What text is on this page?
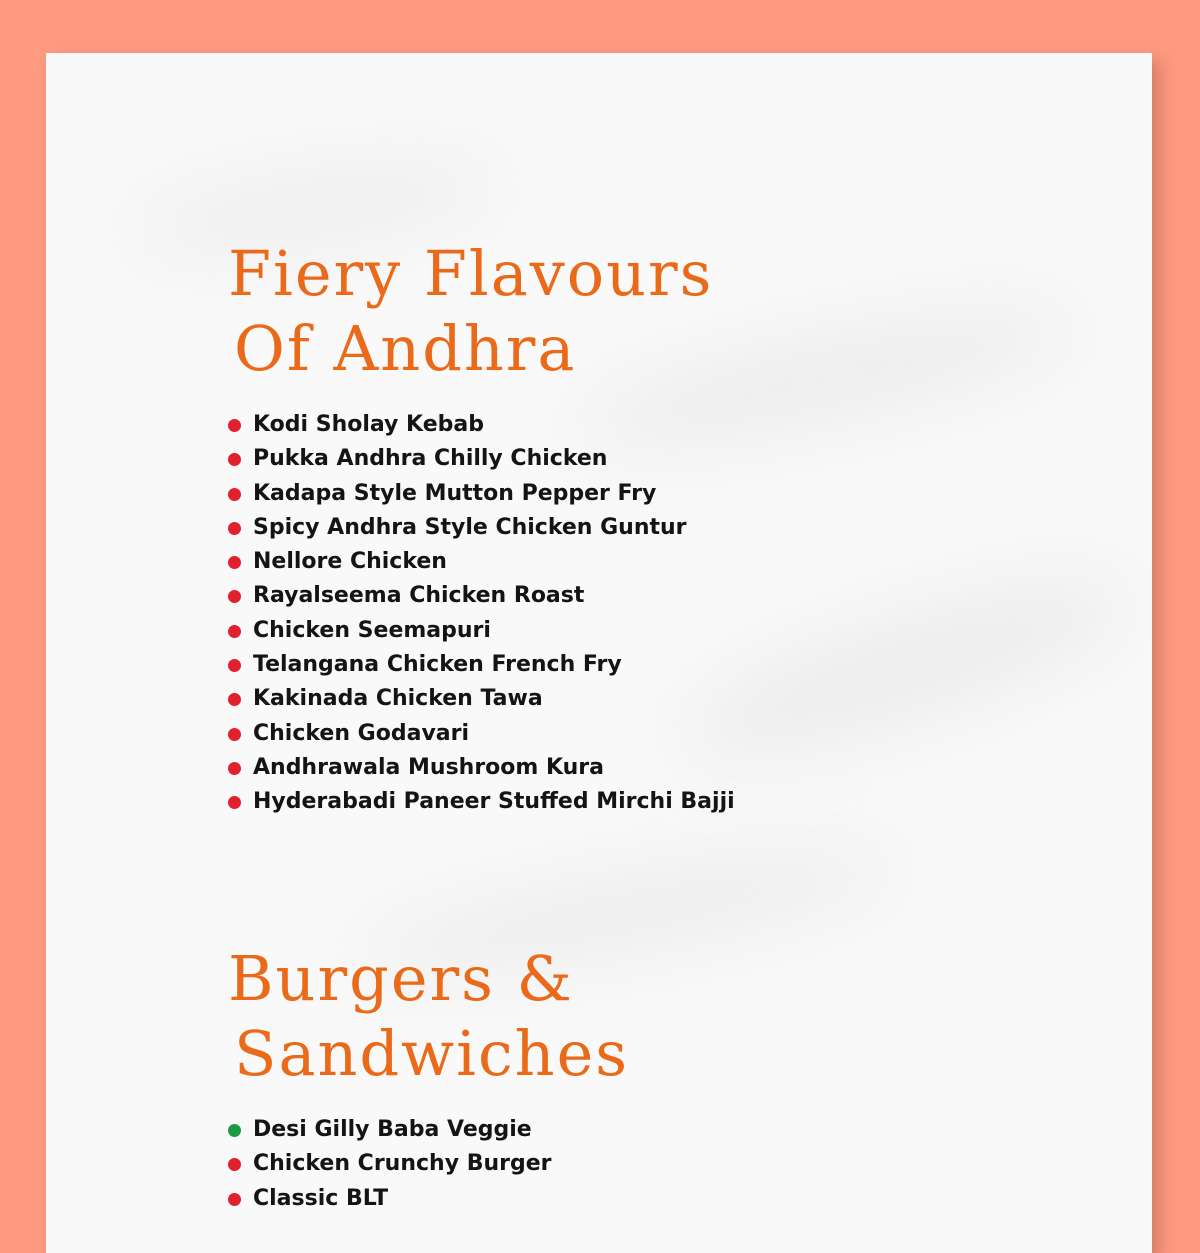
Fiery Flavours
Of Andhra
Kodi Sholay Kebab
Pukka Andhra Chilly Chicken
Kadapa Style Mutton Pepper Fry
Spicy Andhra Style Chicken Guntur
Nellore Chicken
Rayalseema Chicken Roast
Chicken Seemapuri
Telangana Chicken French Fry
Kakinada Chicken Tawa
Chicken Godavari
Andhrawala Mushroom Kura
Hyderabadi Paneer Stuffed Mirchi Bajji
Burgers &
Sandwiches
Desi Gilly Baba Veggie
Chicken Crunchy Burger
Classic BLT
